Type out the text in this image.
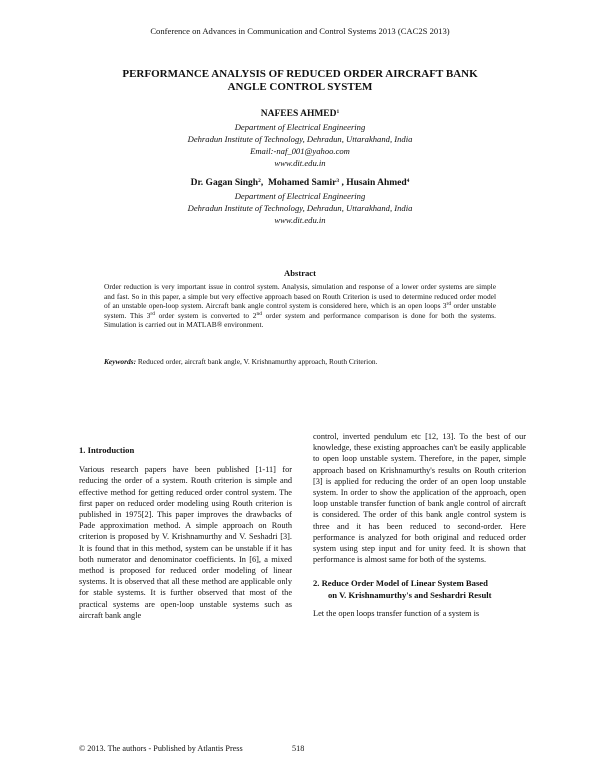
Conference on Advances in Communication and Control Systems 2013 (CAC2S 2013)
PERFORMANCE ANALYSIS OF REDUCED ORDER AIRCRAFT BANK
ANGLE CONTROL SYSTEM
NAFEES AHMED$^1$
Department of Electrical Engineering
Dehradun Institute of Technology, Dehradun, Uttarakhand, India
Email:-naf_001@yahoo.com
www.dit.edu.in
Dr. Gagan Singh$^2$,  Mohamed Samir$^3$ , Husain Ahmed$^4$
Department of Electrical Engineering
Dehradun Institute of Technology, Dehradun, Uttarakhand, India
www.dit.edu.in
Abstract
Order reduction is very important issue in control system. Analysis, simulation and response of a lower order systems are simple and fast. So in this paper, a simple but very effective approach based on Routh Criterion is used to determine reduced order model of an unstable open-loop system. Aircraft bank angle control system is considered here, which is an open loops 3rd order unstable system. This 3rd order system is converted to 2nd order system and performance comparison is done for both the systems. Simulation is carried out in MATLAB® environment.
Keywords: Reduced order, aircraft bank angle, V. Krishnamurthy approach, Routh Criterion.
1. Introduction
Various research papers have been published [1-11] for reducing the order of a system. Routh criterion is simple and effective method for getting reduced order control system. The first paper on reduced order modeling using Routh criterion is published in 1975[2]. This paper improves the drawbacks of Pade approximation method. A simple approach on Routh criterion is proposed by V. Krishnamurthy and V. Seshadri [3]. It is found that in this method, system can be unstable if it has both numerator and denominator coefficients. In [6], a mixed method is proposed for reduced order modeling of linear systems. It is observed that all these method are applicable only for stable systems. It is further observed that most of the practical systems are open-loop unstable systems such as aircraft bank angle
control, inverted pendulum etc [12, 13]. To the best of our knowledge, these existing approaches can't be easily applicable to open loop unstable system. Therefore, in the paper, simple approach based on Krishnamurthy's results on Routh criterion [3] is applied for reducing the order of an open loop unstable system. In order to show the application of the approach, open loop unstable transfer function of bank angle control of aircraft is considered. The order of this bank angle control system is three and it has been reduced to second-order. Here performance is analyzed for both original and reduced order system using step input and for unity feed. It is shown that performance is almost same for both of the systems.
2. Reduce Order Model of Linear System Based
on V. Krishnamurthy's and Seshardri Result
Let the open loops transfer function of a system is
© 2013. The authors - Published by Atlantis Press	518
